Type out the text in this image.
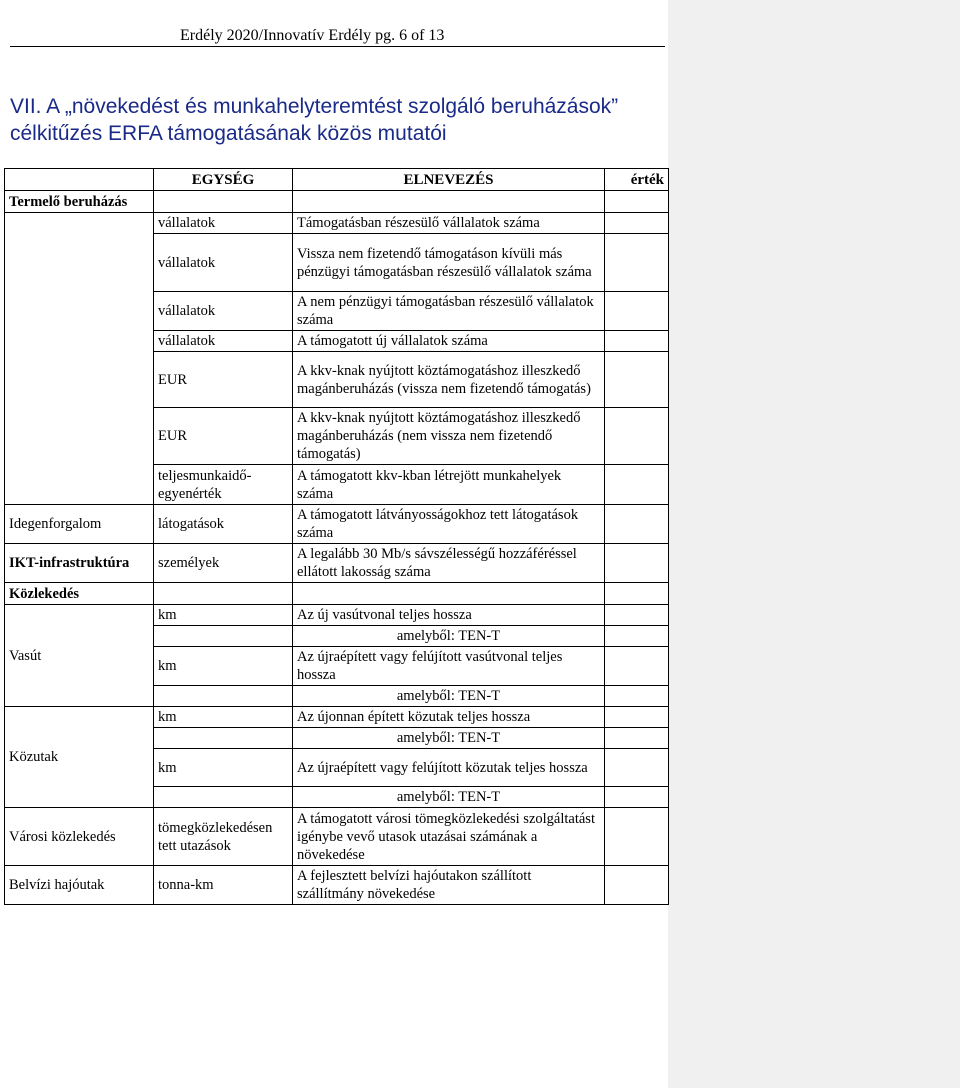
Erdély 2020/Innovatív Erdély pg. 6 of 13
VII. A „növekedést és munkahelyteremtést szolgáló beruházások” célkitűzés ERFA támogatásának közös mutatói
	EGYSÉG	ELNEVEZÉS	érték
Termelő beruházás			
	vállalatok	Támogatásban részesülő vállalatok száma	
	vállalatok	Vissza nem fizetendő támogatáson kívüli más pénzügyi támogatásban részesülő vállalatok száma	
	vállalatok	A nem pénzügyi támogatásban részesülő vállalatok száma	
	vállalatok	A támogatott új vállalatok száma	
	EUR	A kkv-knak nyújtott köztámogatáshoz illeszkedő magánberuházás (vissza nem fizetendő támogatás)	
	EUR	A kkv-knak nyújtott köztámogatáshoz illeszkedő magánberuházás (nem vissza nem fizetendő támogatás)	
	teljesmunkaidő-egyenérték	A támogatott kkv-kban létrejött munkahelyek száma	
Idegenforgalom	látogatások	A támogatott látványosságokhoz tett látogatások száma	
IKT-infrastruktúra	személyek	A legalább 30 Mb/s sávszélességű hozzáféréssel ellátott lakosság száma	
Közlekedés			
Vasút	km	Az új vasútvonal teljes hossza	
		amelyből: TEN-T	
	km	Az újraépített vagy felújított vasútvonal teljes hossza	
		amelyből: TEN-T	
Közutak	km	Az újonnan épített közutak teljes hossza	
		amelyből: TEN-T	
	km	Az újraépített vagy felújított közutak teljes hossza	
		amelyből: TEN-T	
Városi közlekedés	tömegközlekedésen tett utazások	A támogatott városi tömegközlekedési szolgáltatást igénybe vevő utasok utazásai számának a növekedése	
Belvízi hajóutak	tonna-km	A fejlesztett belvízi hajóutakon szállított szállítmány növekedése	
